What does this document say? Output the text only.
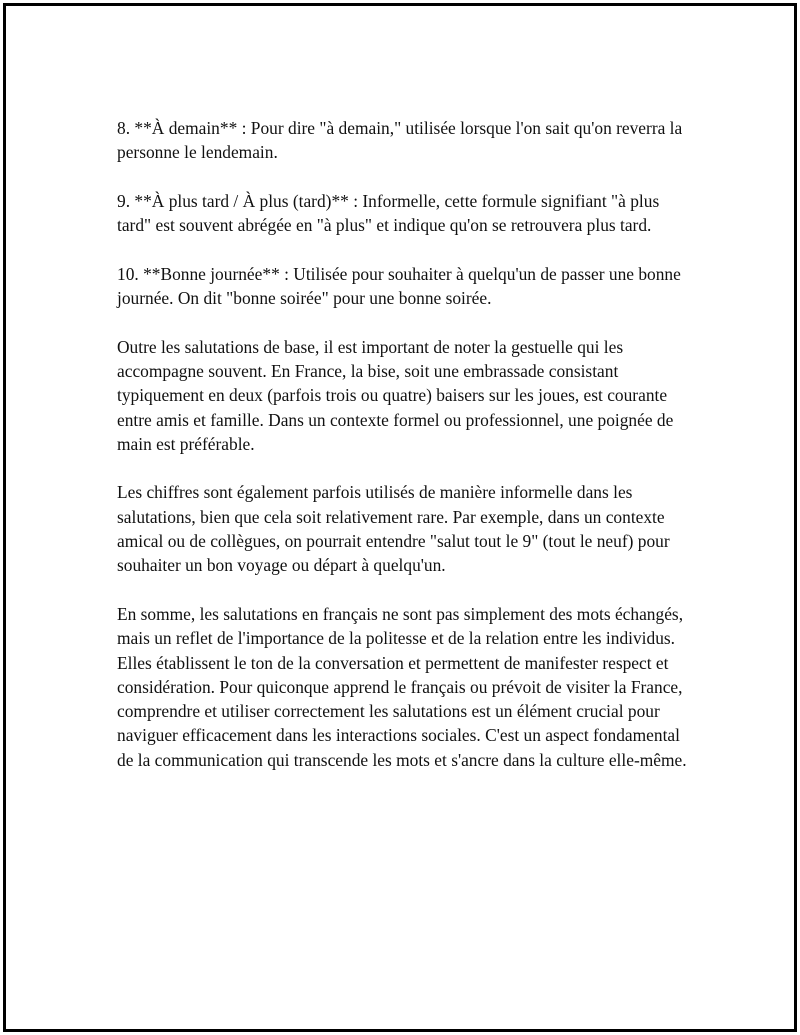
8. **À demain** : Pour dire "à demain," utilisée lorsque l'on sait qu'on reverra la personne le lendemain.

9. **À plus tard / À plus (tard)** : Informelle, cette formule signifiant "à plus tard" est souvent abrégée en "à plus" et indique qu'on se retrouvera plus tard.

10. **Bonne journée** : Utilisée pour souhaiter à quelqu'un de passer une bonne journée. On dit "bonne soirée" pour une bonne soirée.

Outre les salutations de base, il est important de noter la gestuelle qui les accompagne souvent. En France, la bise, soit une embrassade consistant typiquement en deux (parfois trois ou quatre) baisers sur les joues, est courante entre amis et famille. Dans un contexte formel ou professionnel, une poignée de main est préférable.

Les chiffres sont également parfois utilisés de manière informelle dans les salutations, bien que cela soit relativement rare. Par exemple, dans un contexte amical ou de collègues, on pourrait entendre "salut tout le 9" (tout le neuf) pour souhaiter un bon voyage ou départ à quelqu'un.

En somme, les salutations en français ne sont pas simplement des mots échangés, mais un reflet de l'importance de la politesse et de la relation entre les individus. Elles établissent le ton de la conversation et permettent de manifester respect et considération. Pour quiconque apprend le français ou prévoit de visiter la France, comprendre et utiliser correctement les salutations est un élément crucial pour naviguer efficacement dans les interactions sociales. C'est un aspect fondamental de la communication qui transcende les mots et s'ancre dans la culture elle-même.
